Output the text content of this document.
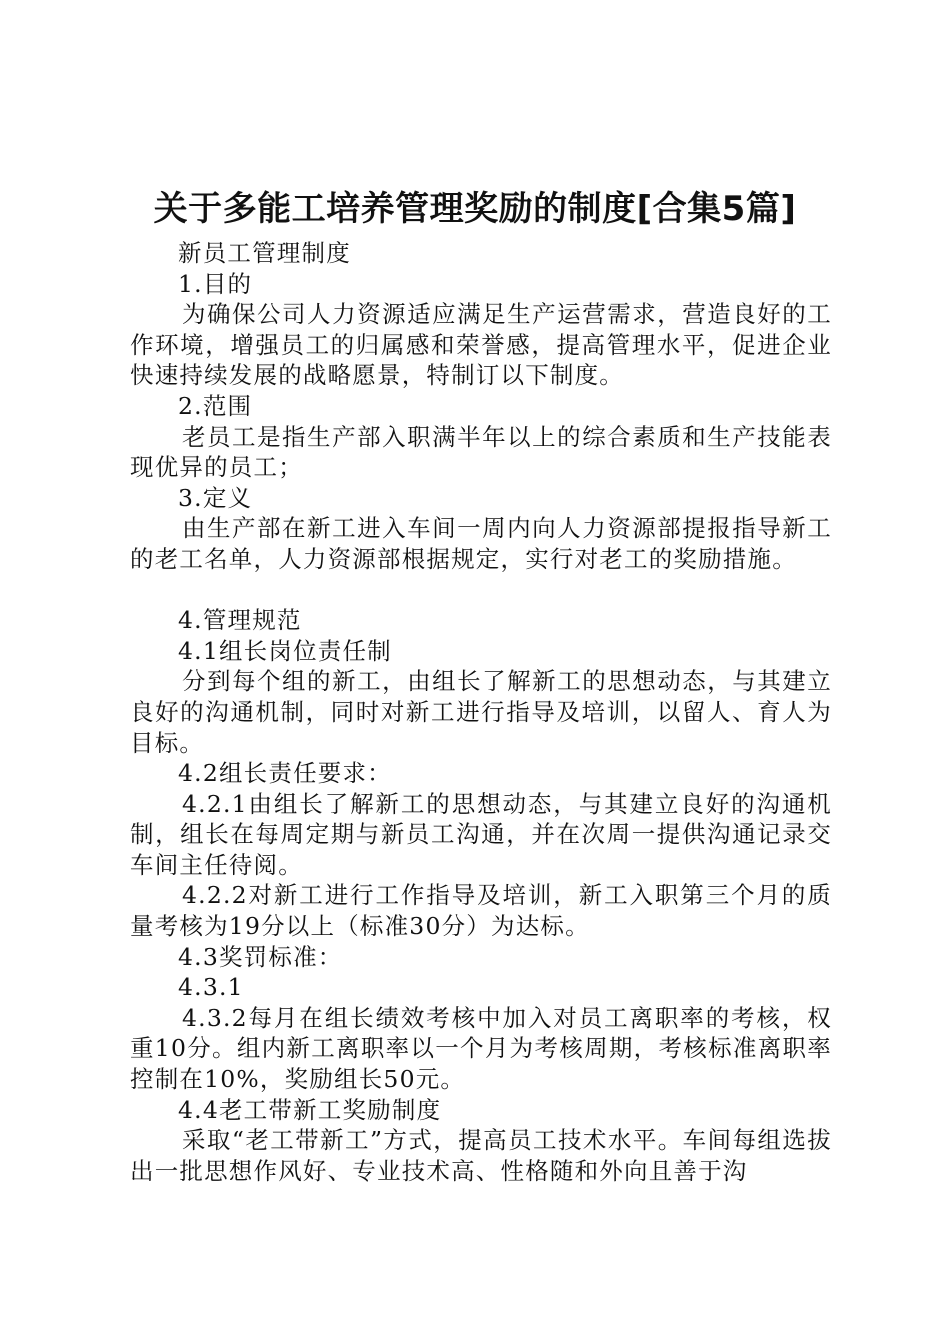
关于多能工培养管理奖励的制度[合集5篇]

新员工管理制度

1.目的

为确保公司人力资源适应满足生产运营需求，营造良好的工作环境，增强员工的归属感和荣誉感，提高管理水平，促进企业快速持续发展的战略愿景，特制订以下制度。

2.范围

老员工是指生产部入职满半年以上的综合素质和生产技能表现优异的员工；

3.定义

由生产部在新工进入车间一周内向人力资源部提报指导新工的老工名单，人力资源部根据规定，实行对老工的奖励措施。

4.管理规范

4.1组长岗位责任制

分到每个组的新工，由组长了解新工的思想动态，与其建立良好的沟通机制，同时对新工进行指导及培训，以留人、育人为目标。

4.2组长责任要求：

4.2.1由组长了解新工的思想动态，与其建立良好的沟通机制，组长在每周定期与新员工沟通，并在次周一提供沟通记录交车间主任待阅。

4.2.2对新工进行工作指导及培训，新工入职第三个月的质量考核为19分以上（标准30分）为达标。

4.3奖罚标准：

4.3.1

4.3.2每月在组长绩效考核中加入对员工离职率的考核，权重10分。组内新工离职率以一个月为考核周期，考核标准离职率控制在10%，奖励组长50元。

4.4老工带新工奖励制度

采取“老工带新工”方式，提高员工技术水平。车间每组选拔出一批思想作风好、专业技术高、性格随和外向且善于沟
